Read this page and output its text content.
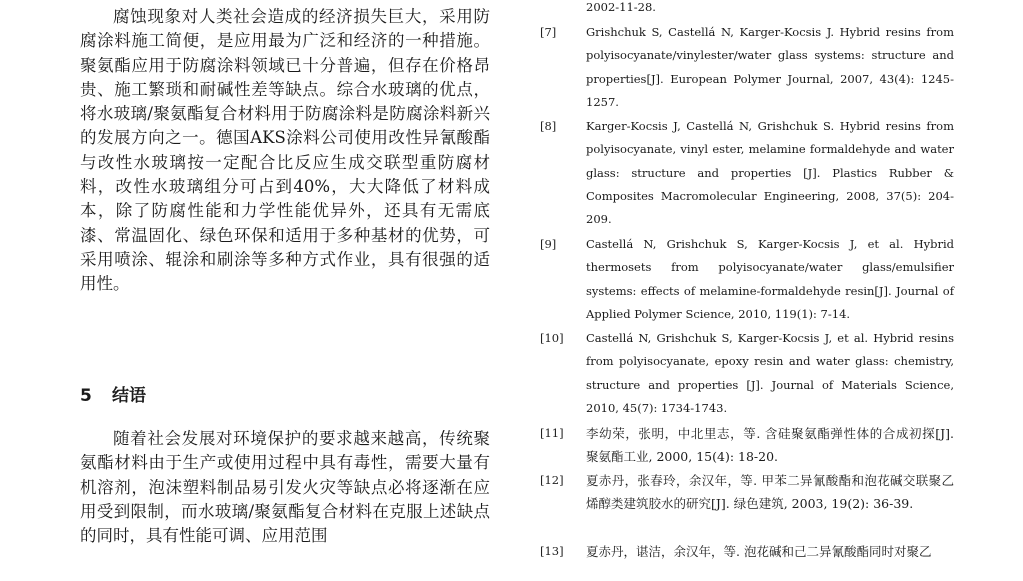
腐蚀现象对人类社会造成的经济损失巨大，采用防腐涂料施工简便，是应用最为广泛和经济的一种措施。聚氨酯应用于防腐涂料领域已十分普遍，但存在价格昂贵、施工繁琐和耐碱性差等缺点。综合水玻璃的优点，将水玻璃/聚氨酯复合材料用于防腐涂料是防腐涂料新兴的发展方向之一。德国AKS涂料公司使用改性异氰酸酯与改性水玻璃按一定配合比反应生成交联型重防腐材料，改性水玻璃组分可占到40%，大大降低了材料成本，除了防腐性能和力学性能优异外，还具有无需底漆、常温固化、绿色环保和适用于多种基材的优势，可采用喷涂、辊涂和刷涂等多种方式作业，具有很强的适用性。

5 结语

随着社会发展对环境保护的要求越来越高，传统聚氨酯材料由于生产或使用过程中具有毒性，需要大量有机溶剂，泡沫塑料制品易引发火灾等缺点必将逐渐在应用受到限制，而水玻璃/聚氨酯复合材料在克服上述缺点的同时，具有性能可调、应用范围

2002-11-28.
[7]	Grishchuk S, Castellá N, Karger-Kocsis J. Hybrid resins from polyisocyanate/vinylester/water glass systems: structure and properties[J]. European Polymer Journal, 2007, 43(4): 1245-1257.
[8]	Karger-Kocsis J, Castellá N, Grishchuk S. Hybrid resins from polyisocyanate, vinyl ester, melamine formaldehyde and water glass: structure and properties [J]. Plastics Rubber & Composites Macromolecular Engineering, 2008, 37(5): 204-209.
[9]	Castellá N, Grishchuk S, Karger-Kocsis J, et al. Hybrid thermosets from polyisocyanate/water glass/emulsifier systems: effects of melamine-formaldehyde resin[J]. Journal of Applied Polymer Science, 2010, 119(1): 7-14.
[10]	Castellá N, Grishchuk S, Karger-Kocsis J, et al. Hybrid resins from polyisocyanate, epoxy resin and water glass: chemistry, structure and properties [J]. Journal of Materials Science, 2010, 45(7): 1734-1743.
[11]	李幼荣，张明，中北里志，等. 含硅聚氨酯弹性体的合成初探[J]. 聚氨酯工业, 2000, 15(4): 18-20.
[12]	夏赤丹，张春玲，余汉年，等. 甲苯二异氰酸酯和泡花碱交联聚乙烯醇类建筑胶水的研究[J]. 绿色建筑, 2003, 19(2): 36-39.
[13]	夏赤丹，谌洁，余汉年，等. 泡花碱和己二异氰酸酯同时对聚乙
